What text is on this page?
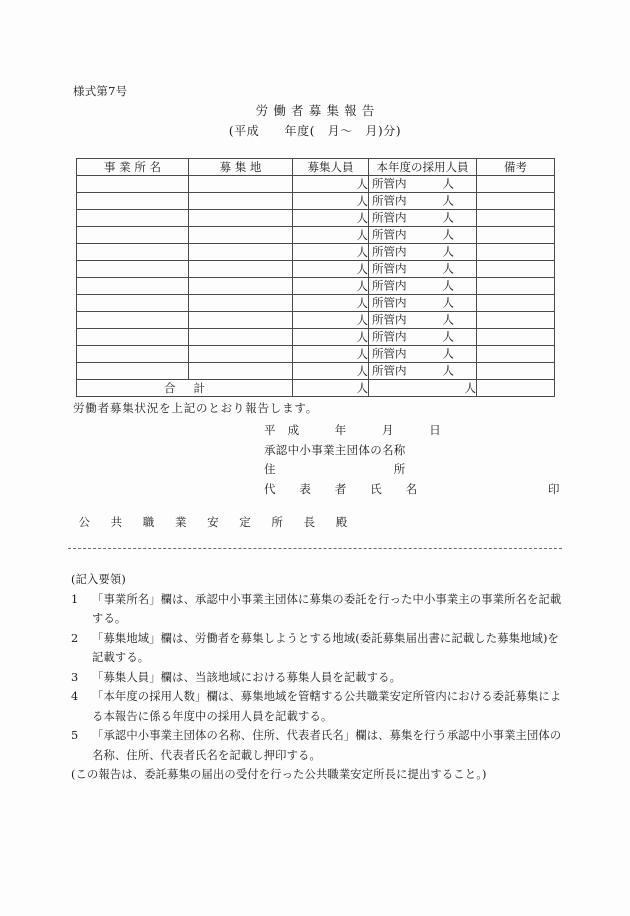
様式第7号
労働者募集報告
(平成　　年度(　月～　月)分)
事 業 所 名	募 集 地	募集人員	本年度の採用人員	備考
		人	所管内 人	

		人	所管内 人	

		人	所管内 人	

		人	所管内 人	

		人	所管内 人	

		人	所管内 人	

		人	所管内 人	

		人	所管内 人	

		人	所管内 人	

		人	所管内 人	

		人	所管内 人	

		人	所管内 人	

合計		人	人	
労働者募集状況を上記のとおり報告します。
平　成　　　年　　　月　　　日
承認中小事業主団体の名称
住　　　　　　　　　　所
代　　表　　者　　氏　　名	印
公 共 職 業 安 定 所 長 殿
(記入要領)
1 「事業所名」欄は、承認中小事業主団体に募集の委託を行った中小事業主の事業所名を記載する。
2 「募集地域」欄は、労働者を募集しようとする地域(委託募集届出書に記載した募集地域)を記載する。
3 「募集人員」欄は、当該地域における募集人員を記載する。
4 「本年度の採用人数」欄は、募集地域を管轄する公共職業安定所管内における委託募集による本報告に係る年度中の採用人員を記載する。
5 「承認中小事業主団体の名称、住所、代表者氏名」欄は、募集を行う承認中小事業主団体の名称、住所、代表者氏名を記載し押印する。
(この報告は、委託募集の届出の受付を行った公共職業安定所長に提出すること。)
